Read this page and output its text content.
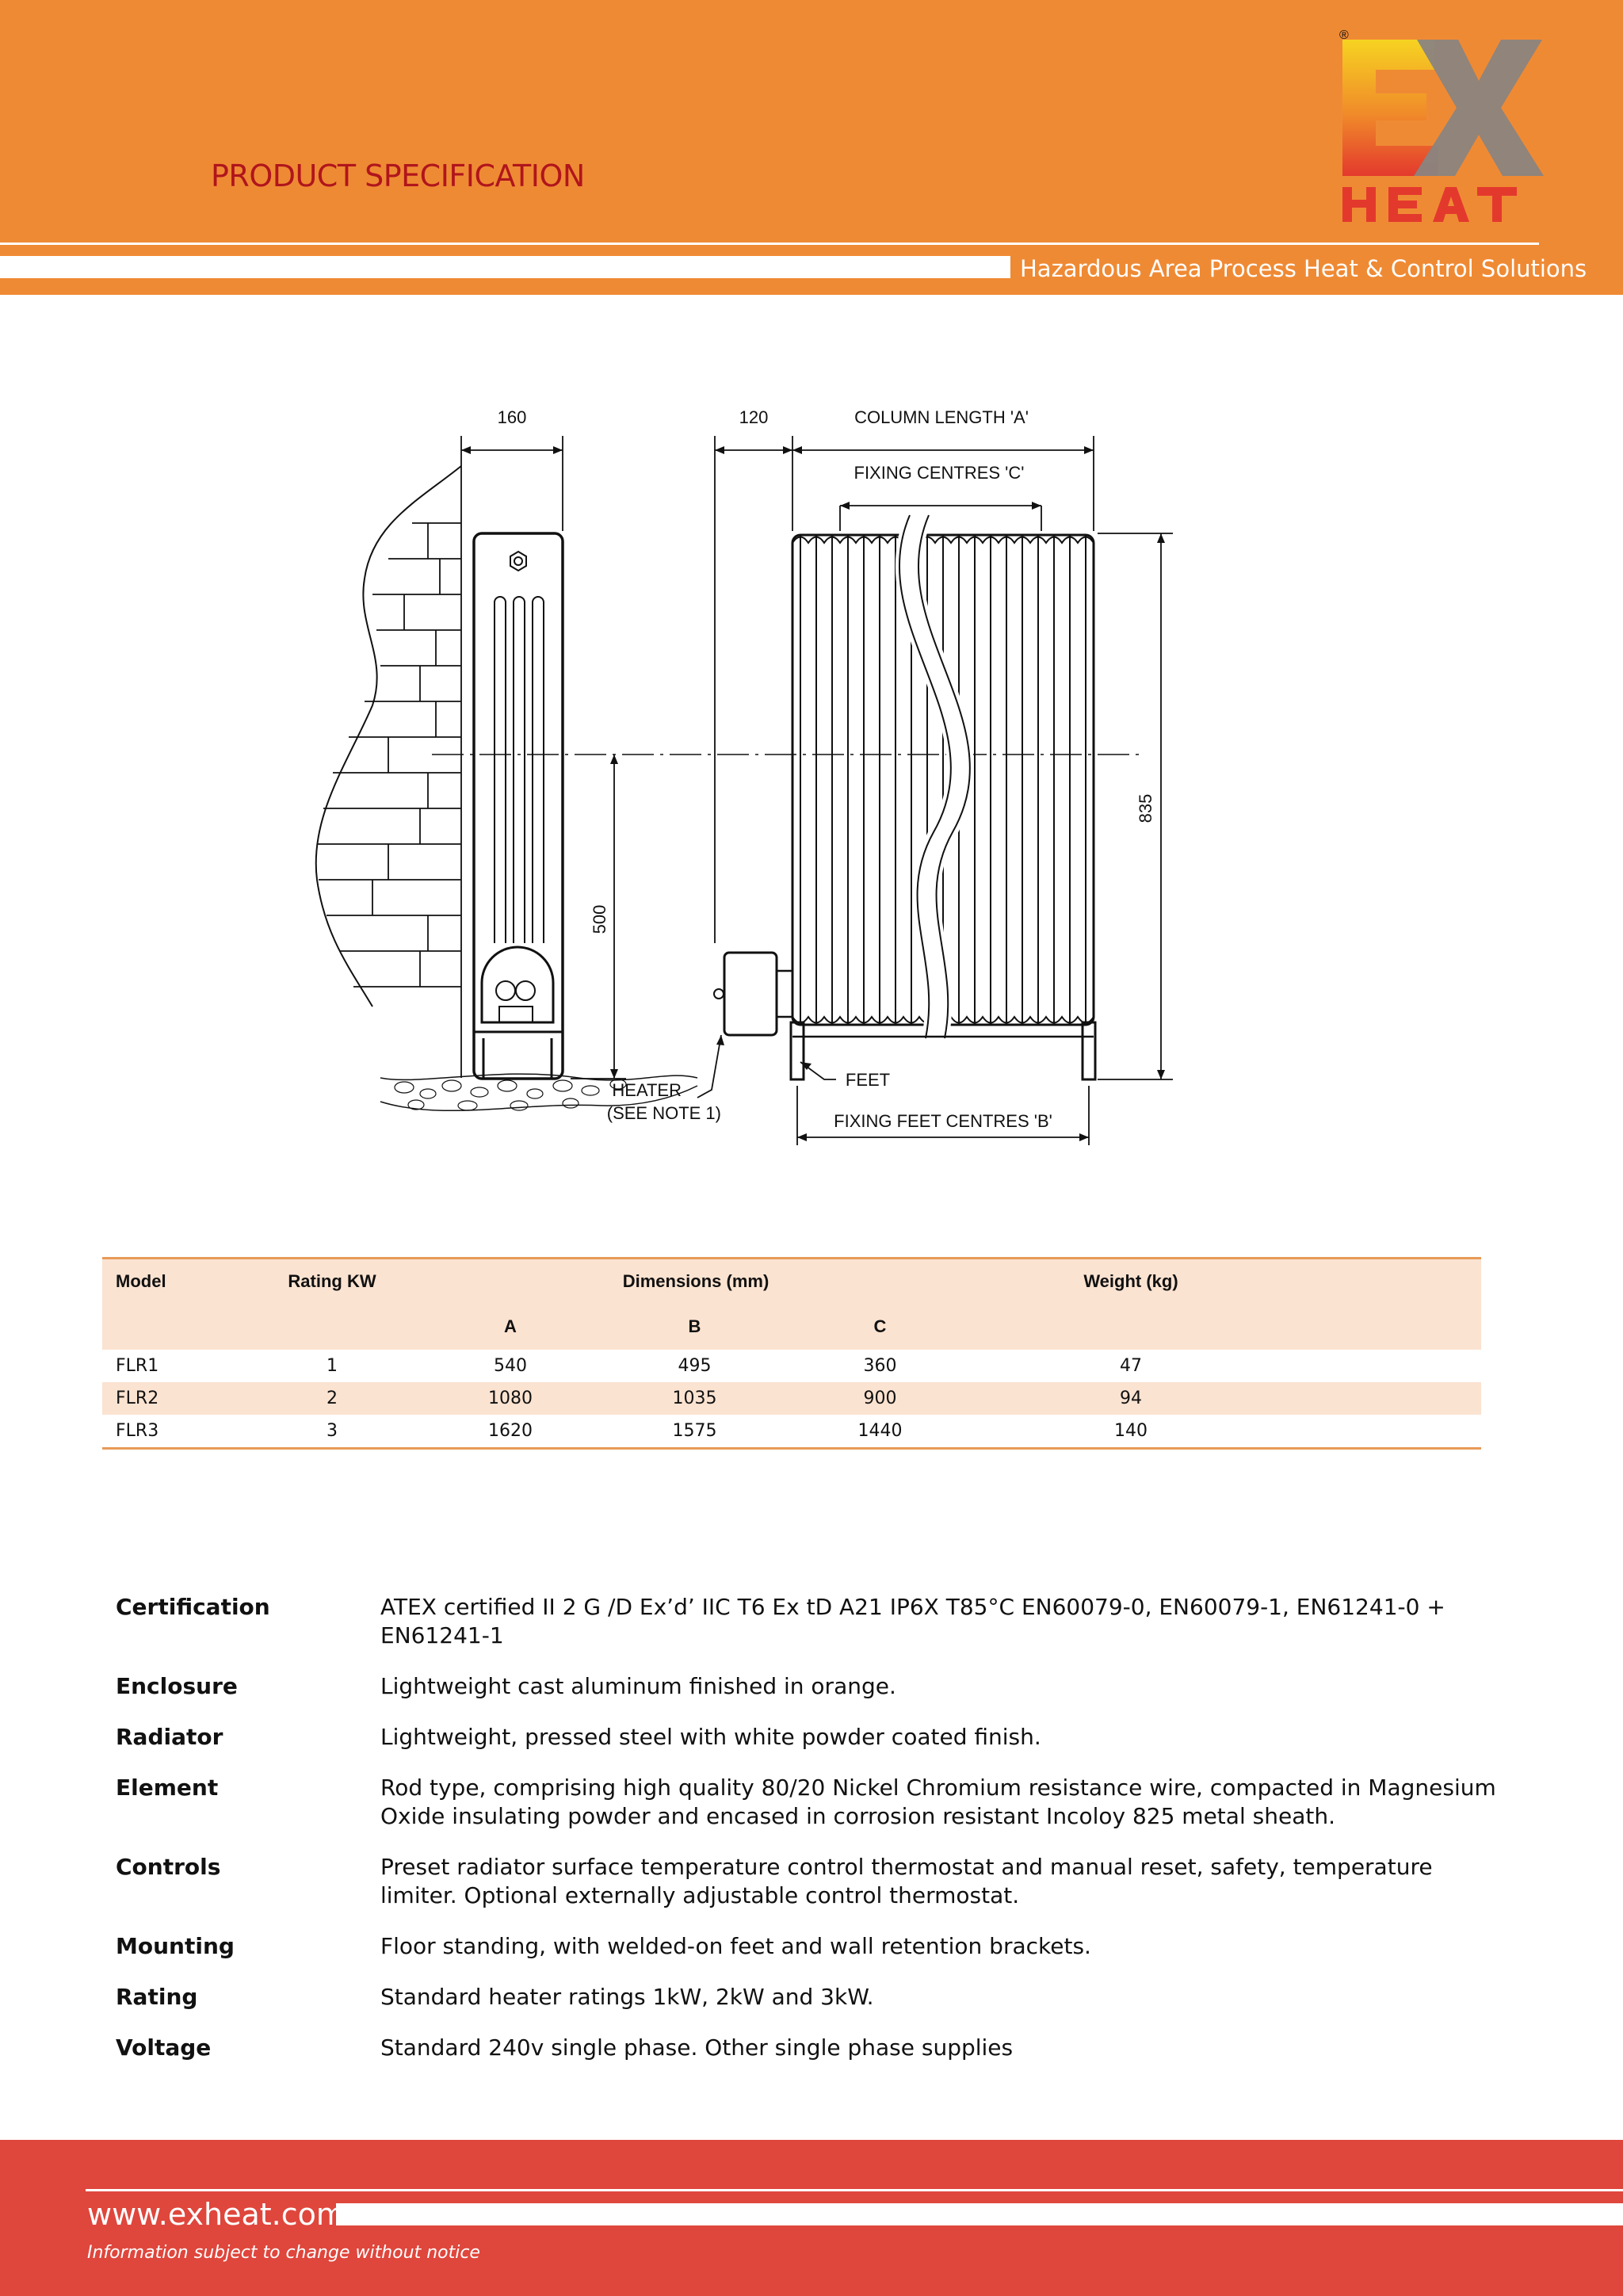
PRODUCT SPECIFICATION
Hazardous Area Process Heat & Control Solutions
®
160	120	COLUMN LENGTH 'A'
FIXING CENTRES 'C'
835
500
HEATER
(SEE NOTE 1)
FEET
FIXING FEET CENTRES 'B'
Model	Rating KW	Dimensions (mm)	Weight (kg)
A	B	C
FLR1	1	540	495	360	47
FLR2	2	1080	1035	900	94
FLR3	3	1620	1575	1440	140
Certification	ATEX certified II 2 G /D Ex’d’ IIC T6 Ex tD A21 IP6X T85°C EN60079-0, EN60079-1, EN61241-0 + EN61241-1
Enclosure	Lightweight cast aluminum finished in orange.
Radiator	Lightweight, pressed steel with white powder coated finish.
Element	Rod type, comprising high quality 80/20 Nickel Chromium resistance wire, compacted in Magnesium Oxide insulating powder and encased in corrosion resistant Incoloy 825 metal sheath.
Controls	Preset radiator surface temperature control thermostat and manual reset, safety, temperature limiter. Optional externally adjustable control thermostat.
Mounting	Floor standing, with welded-on feet and wall retention brackets.
Rating	Standard heater ratings 1kW, 2kW and 3kW.
Voltage	Standard 240v single phase. Other single phase supplies
www.exheat.com
Information subject to change without notice
